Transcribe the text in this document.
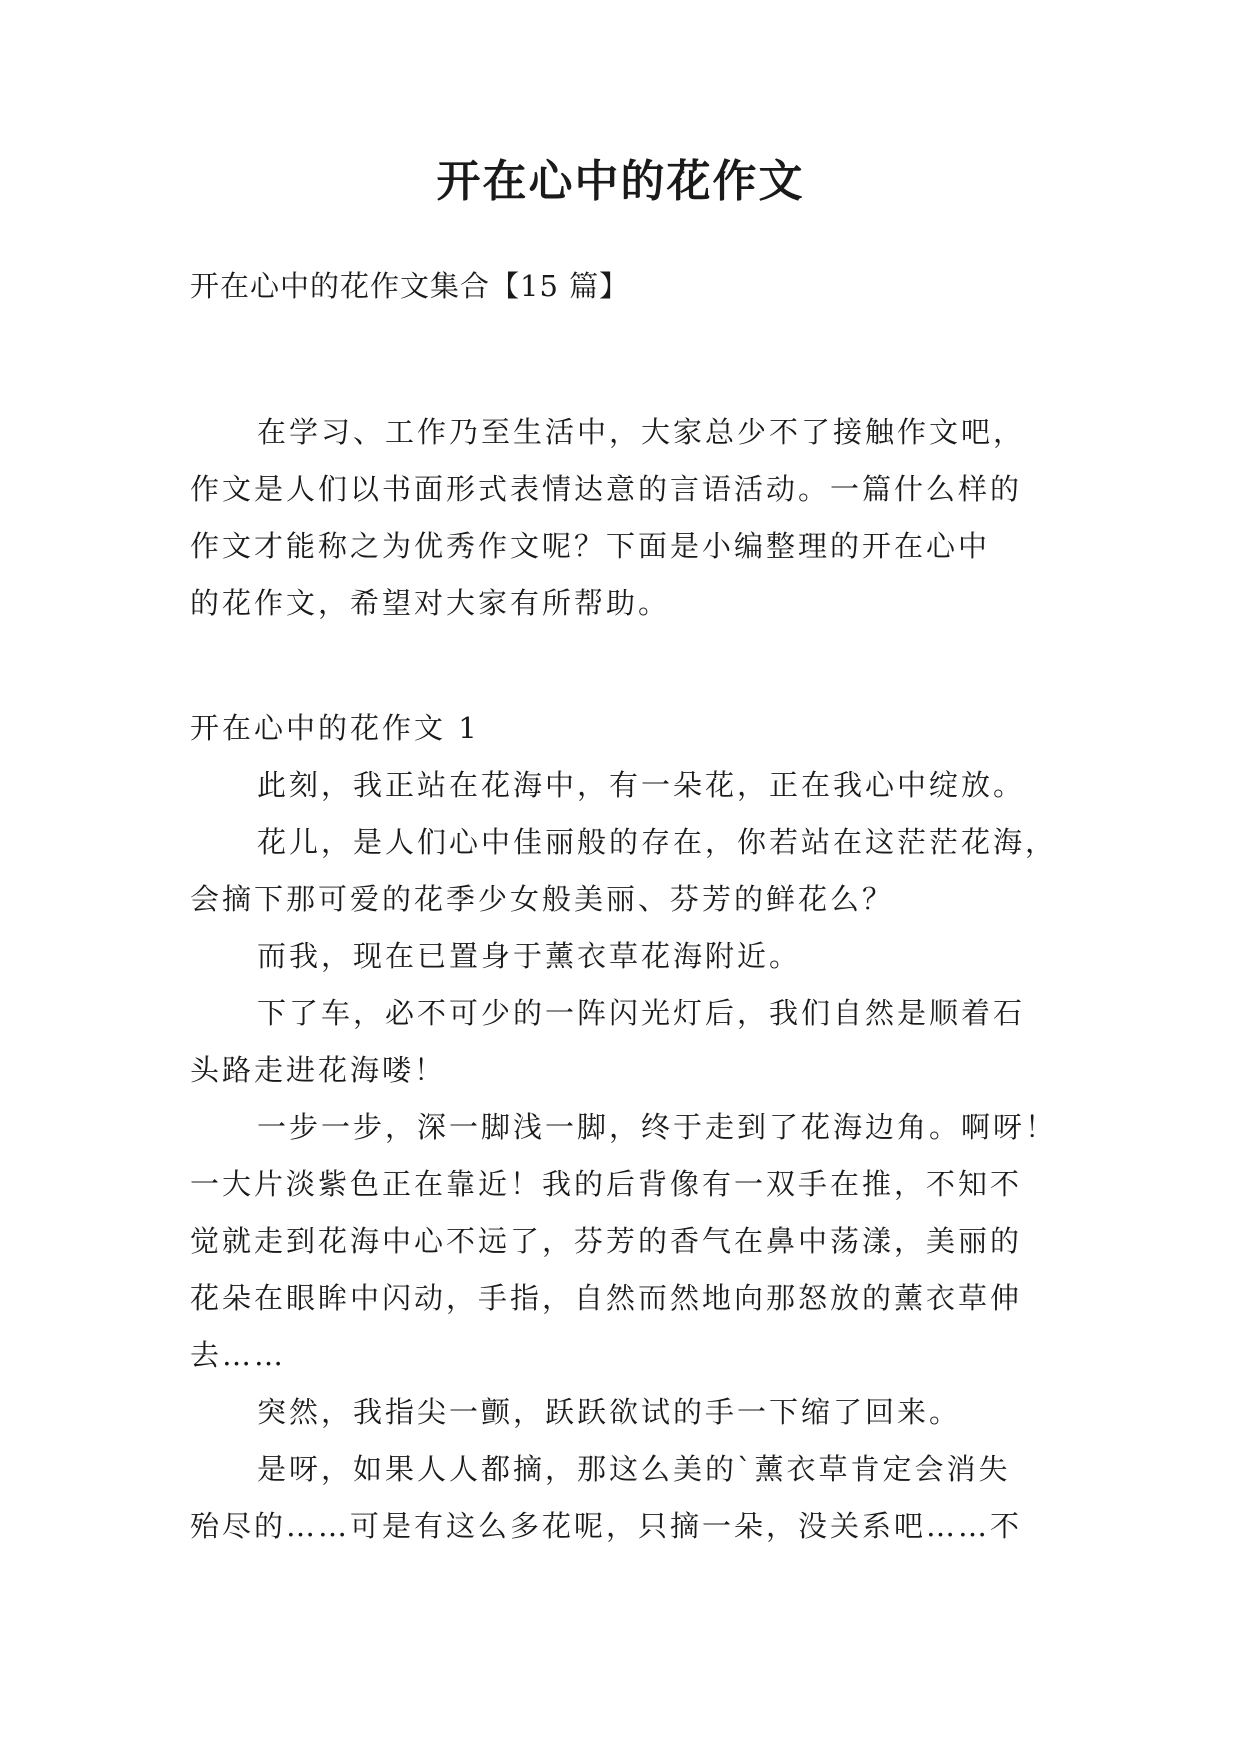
开在心中的花作文

开在心中的花作文集合【15 篇】

在学习、工作乃至生活中，大家总少不了接触作文吧，
作文是人们以书面形式表情达意的言语活动。一篇什么样的
作文才能称之为优秀作文呢？下面是小编整理的开在心中
的花作文，希望对大家有所帮助。
开在心中的花作文 1
此刻，我正站在花海中，有一朵花，正在我心中绽放。
花儿，是人们心中佳丽般的存在，你若站在这茫茫花海，
会摘下那可爱的花季少女般美丽、芬芳的鲜花么？
而我，现在已置身于薰衣草花海附近。
下了车，必不可少的一阵闪光灯后，我们自然是顺着石
头路走进花海喽！
一步一步，深一脚浅一脚，终于走到了花海边角。啊呀！
一大片淡紫色正在靠近！我的后背像有一双手在推，不知不
觉就走到花海中心不远了，芬芳的香气在鼻中荡漾，美丽的
花朵在眼眸中闪动，手指，自然而然地向那怒放的薰衣草伸
去……
突然，我指尖一颤，跃跃欲试的手一下缩了回来。
是呀，如果人人都摘，那这么美的`薰衣草肯定会消失
殆尽的……可是有这么多花呢，只摘一朵，没关系吧……不
